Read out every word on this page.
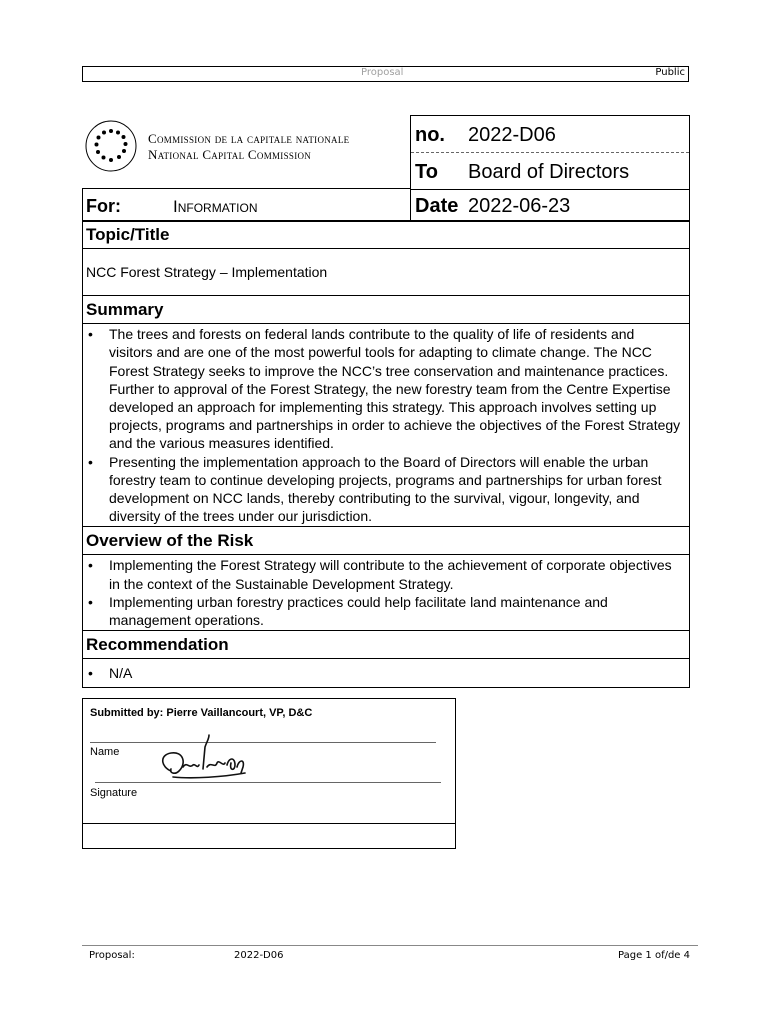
Proposal	Public
Commission de la capitale nationale
National Capital Commission
no. 2022-D06
To Board of Directors
Date 2022-06-23
For:	Information
Topic/Title
NCC Forest Strategy – Implementation
Summary
• The trees and forests on federal lands contribute to the quality of life of residents and visitors and are one of the most powerful tools for adapting to climate change. The NCC Forest Strategy seeks to improve the NCC’s tree conservation and maintenance practices. Further to approval of the Forest Strategy, the new forestry team from the Centre Expertise developed an approach for implementing this strategy. This approach involves setting up projects, programs and partnerships in order to achieve the objectives of the Forest Strategy and the various measures identified.
• Presenting the implementation approach to the Board of Directors will enable the urban forestry team to continue developing projects, programs and partnerships for urban forest development on NCC lands, thereby contributing to the survival, vigour, longevity, and diversity of the trees under our jurisdiction.
Overview of the Risk
• Implementing the Forest Strategy will contribute to the achievement of corporate objectives in the context of the Sustainable Development Strategy.
• Implementing urban forestry practices could help facilitate land maintenance and management operations.
Recommendation
• N/A
Submitted by: Pierre Vaillancourt, VP, D&C
Name
Signature
Proposal:	2022-D06	Page 1 of/de 4
